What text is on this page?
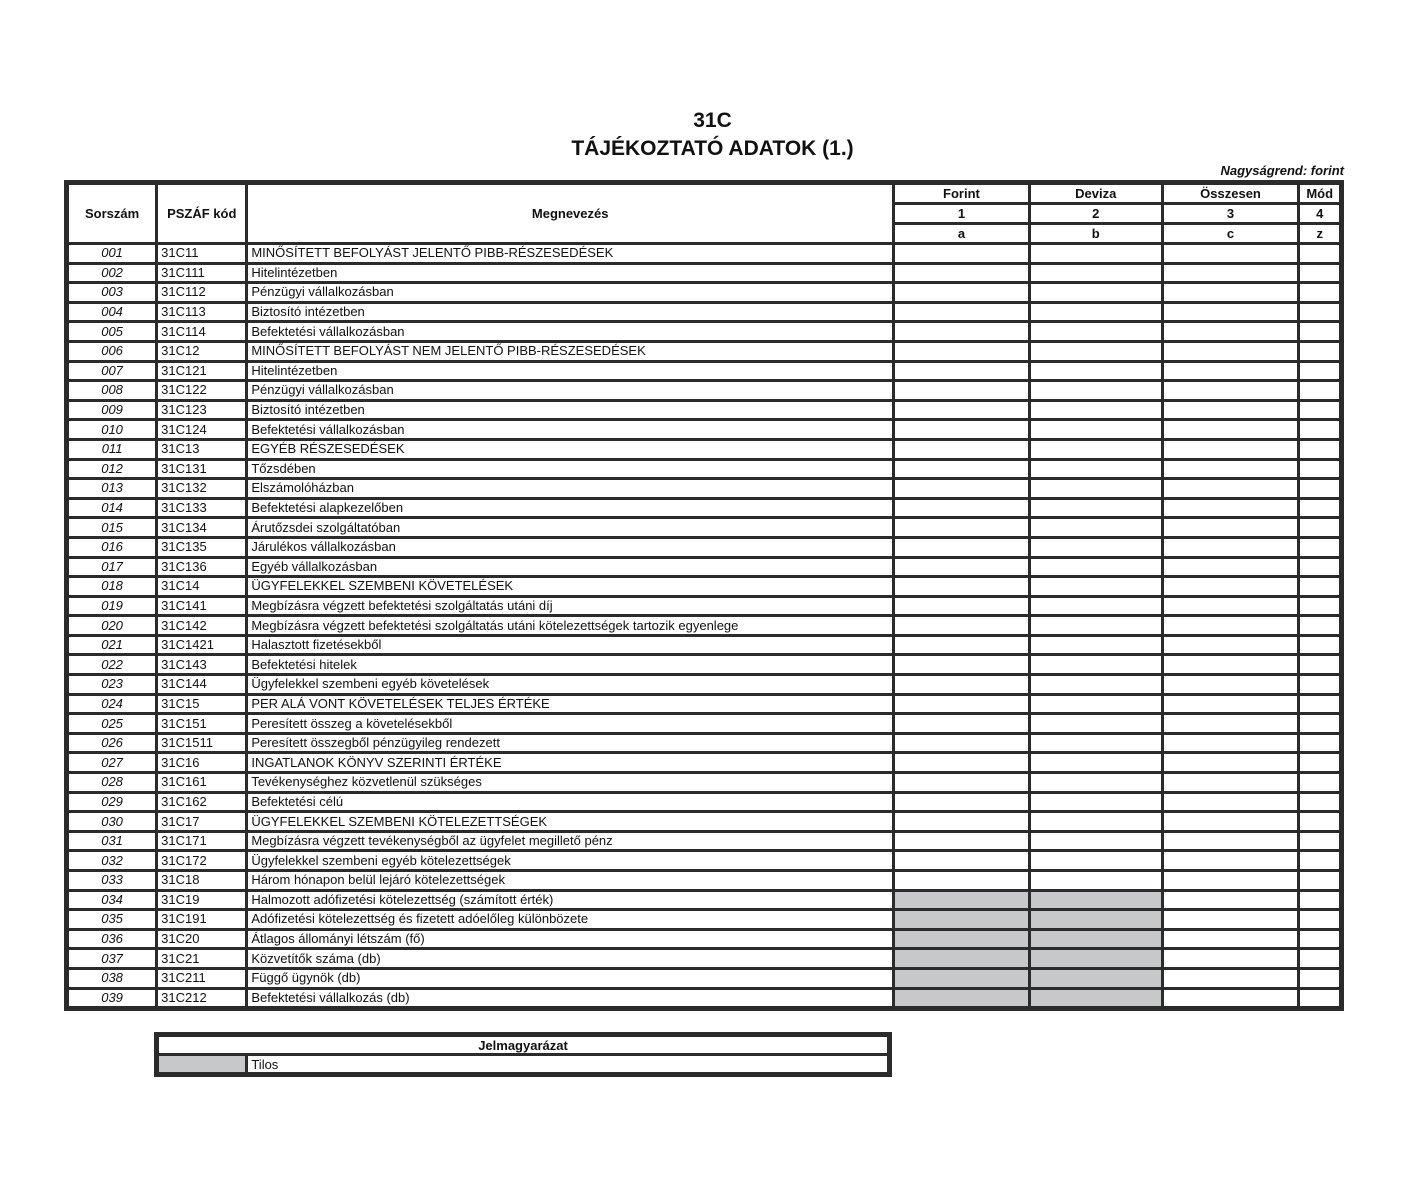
31C
TÁJÉKOZTATÓ ADATOK (1.)
Nagyságrend: forint
Sorszám	PSZÁF kód	Megnevezés	Forint	Deviza	Összesen	Mód
			1	2	3	4
			a	b	c	z
001	31C11	MINŐSÍTETT BEFOLYÁST JELENTŐ PIBB-RÉSZESEDÉSEK				
002	31C111	Hitelintézetben				
003	31C112	Pénzügyi vállalkozásban				
004	31C113	Biztosító intézetben				
005	31C114	Befektetési vállalkozásban				
006	31C12	MINŐSÍTETT BEFOLYÁST NEM JELENTŐ PIBB-RÉSZESEDÉSEK				
007	31C121	Hitelintézetben				
008	31C122	Pénzügyi vállalkozásban				
009	31C123	Biztosító intézetben				
010	31C124	Befektetési vállalkozásban				
011	31C13	EGYÉB RÉSZESEDÉSEK				
012	31C131	Tőzsdében				
013	31C132	Elszámolóházban				
014	31C133	Befektetési alapkezelőben				
015	31C134	Árutőzsdei szolgáltatóban				
016	31C135	Járulékos vállalkozásban				
017	31C136	Egyéb vállalkozásban				
018	31C14	ÜGYFELEKKEL SZEMBENI KÖVETELÉSEK				
019	31C141	Megbízásra végzett befektetési szolgáltatás utáni díj				
020	31C142	Megbízásra végzett befektetési szolgáltatás utáni kötelezettségek tartozik egyenlege				
021	31C1421	Halasztott fizetésekből				
022	31C143	Befektetési hitelek				
023	31C144	Ügyfelekkel szembeni egyéb követelések				
024	31C15	PER ALÁ VONT KÖVETELÉSEK TELJES ÉRTÉKE				
025	31C151	Peresített összeg a követelésekből				
026	31C1511	Peresített összegből pénzügyileg rendezett				
027	31C16	INGATLANOK KÖNYV SZERINTI ÉRTÉKE				
028	31C161	Tevékenységhez közvetlenül szükséges				
029	31C162	Befektetési célú				
030	31C17	ÜGYFELEKKEL SZEMBENI KÖTELEZETTSÉGEK				
031	31C171	Megbízásra végzett tevékenységből az ügyfelet megillető pénz				
032	31C172	Ügyfelekkel szembeni egyéb kötelezettségek				
033	31C18	Három hónapon belül lejáró kötelezettségek				
034	31C19	Halmozott adófizetési kötelezettség (számított érték)				
035	31C191	Adófizetési kötelezettség és fizetett adóelőleg különbözete				
036	31C20	Átlagos állományi létszám (fő)				
037	31C21	Közvetítők száma (db)				
038	31C211	Függő ügynök (db)				
039	31C212	Befektetési vállalkozás (db)				
Jelmagyarázat
	Tilos
